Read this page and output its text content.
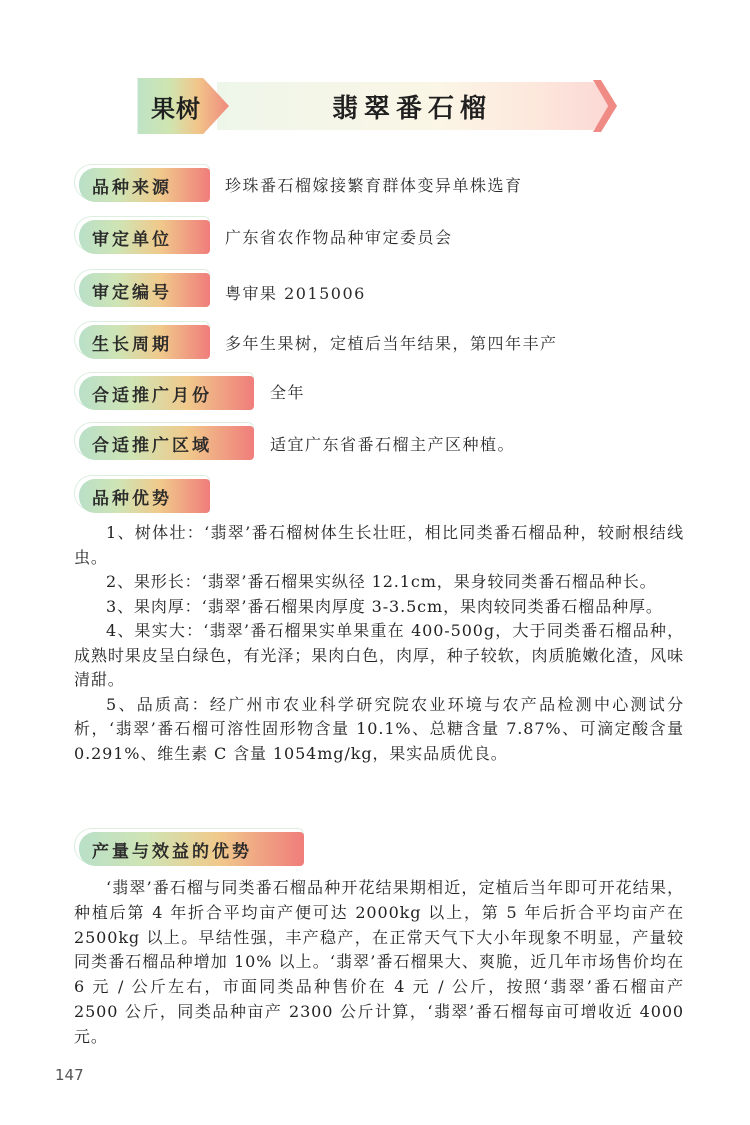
翡翠番石榴
果树
品种来源	珍珠番石榴嫁接繁育群体变异单株选育
审定单位	广东省农作物品种审定委员会
审定编号	粤审果 2015006
生长周期	多年生果树，定植后当年结果，第四年丰产
合适推广月份	全年
合适推广区域	适宜广东省番石榴主产区种植。
品种优势

1、树体壮：‘翡翠’番石榴树体生长壮旺，相比同类番石榴品种，较耐根结线虫。

2、果形长：‘翡翠’番石榴果实纵径 12.1cm，果身较同类番石榴品种长。

3、果肉厚：‘翡翠’番石榴果肉厚度 3-3.5cm，果肉较同类番石榴品种厚。

4、果实大：‘翡翠’番石榴果实单果重在 400-500g，大于同类番石榴品种，成熟时果皮呈白绿色，有光泽；果肉白色，肉厚，种子较软，肉质脆嫩化渣，风味清甜。

5、品质高：经广州市农业科学研究院农业环境与农产品检测中心测试分析，‘翡翠’番石榴可溶性固形物含量 10.1%、总糖含量 7.87%、可滴定酸含量 0.291%、维生素 C 含量 1054mg/kg，果实品质优良。

产量与效益的优势

‘翡翠’番石榴与同类番石榴品种开花结果期相近，定植后当年即可开花结果，种植后第 4 年折合平均亩产便可达 2000kg 以上，第 5 年后折合平均亩产在 2500kg 以上。早结性强，丰产稳产，在正常天气下大小年现象不明显，产量较同类番石榴品种增加 10% 以上。‘翡翠’番石榴果大、爽脆，近几年市场售价均在 6 元 / 公斤左右，市面同类品种售价在 4 元 / 公斤，按照‘翡翠’番石榴亩产 2500 公斤，同类品种亩产 2300 公斤计算，‘翡翠’番石榴每亩可增收近 4000 元。

147
